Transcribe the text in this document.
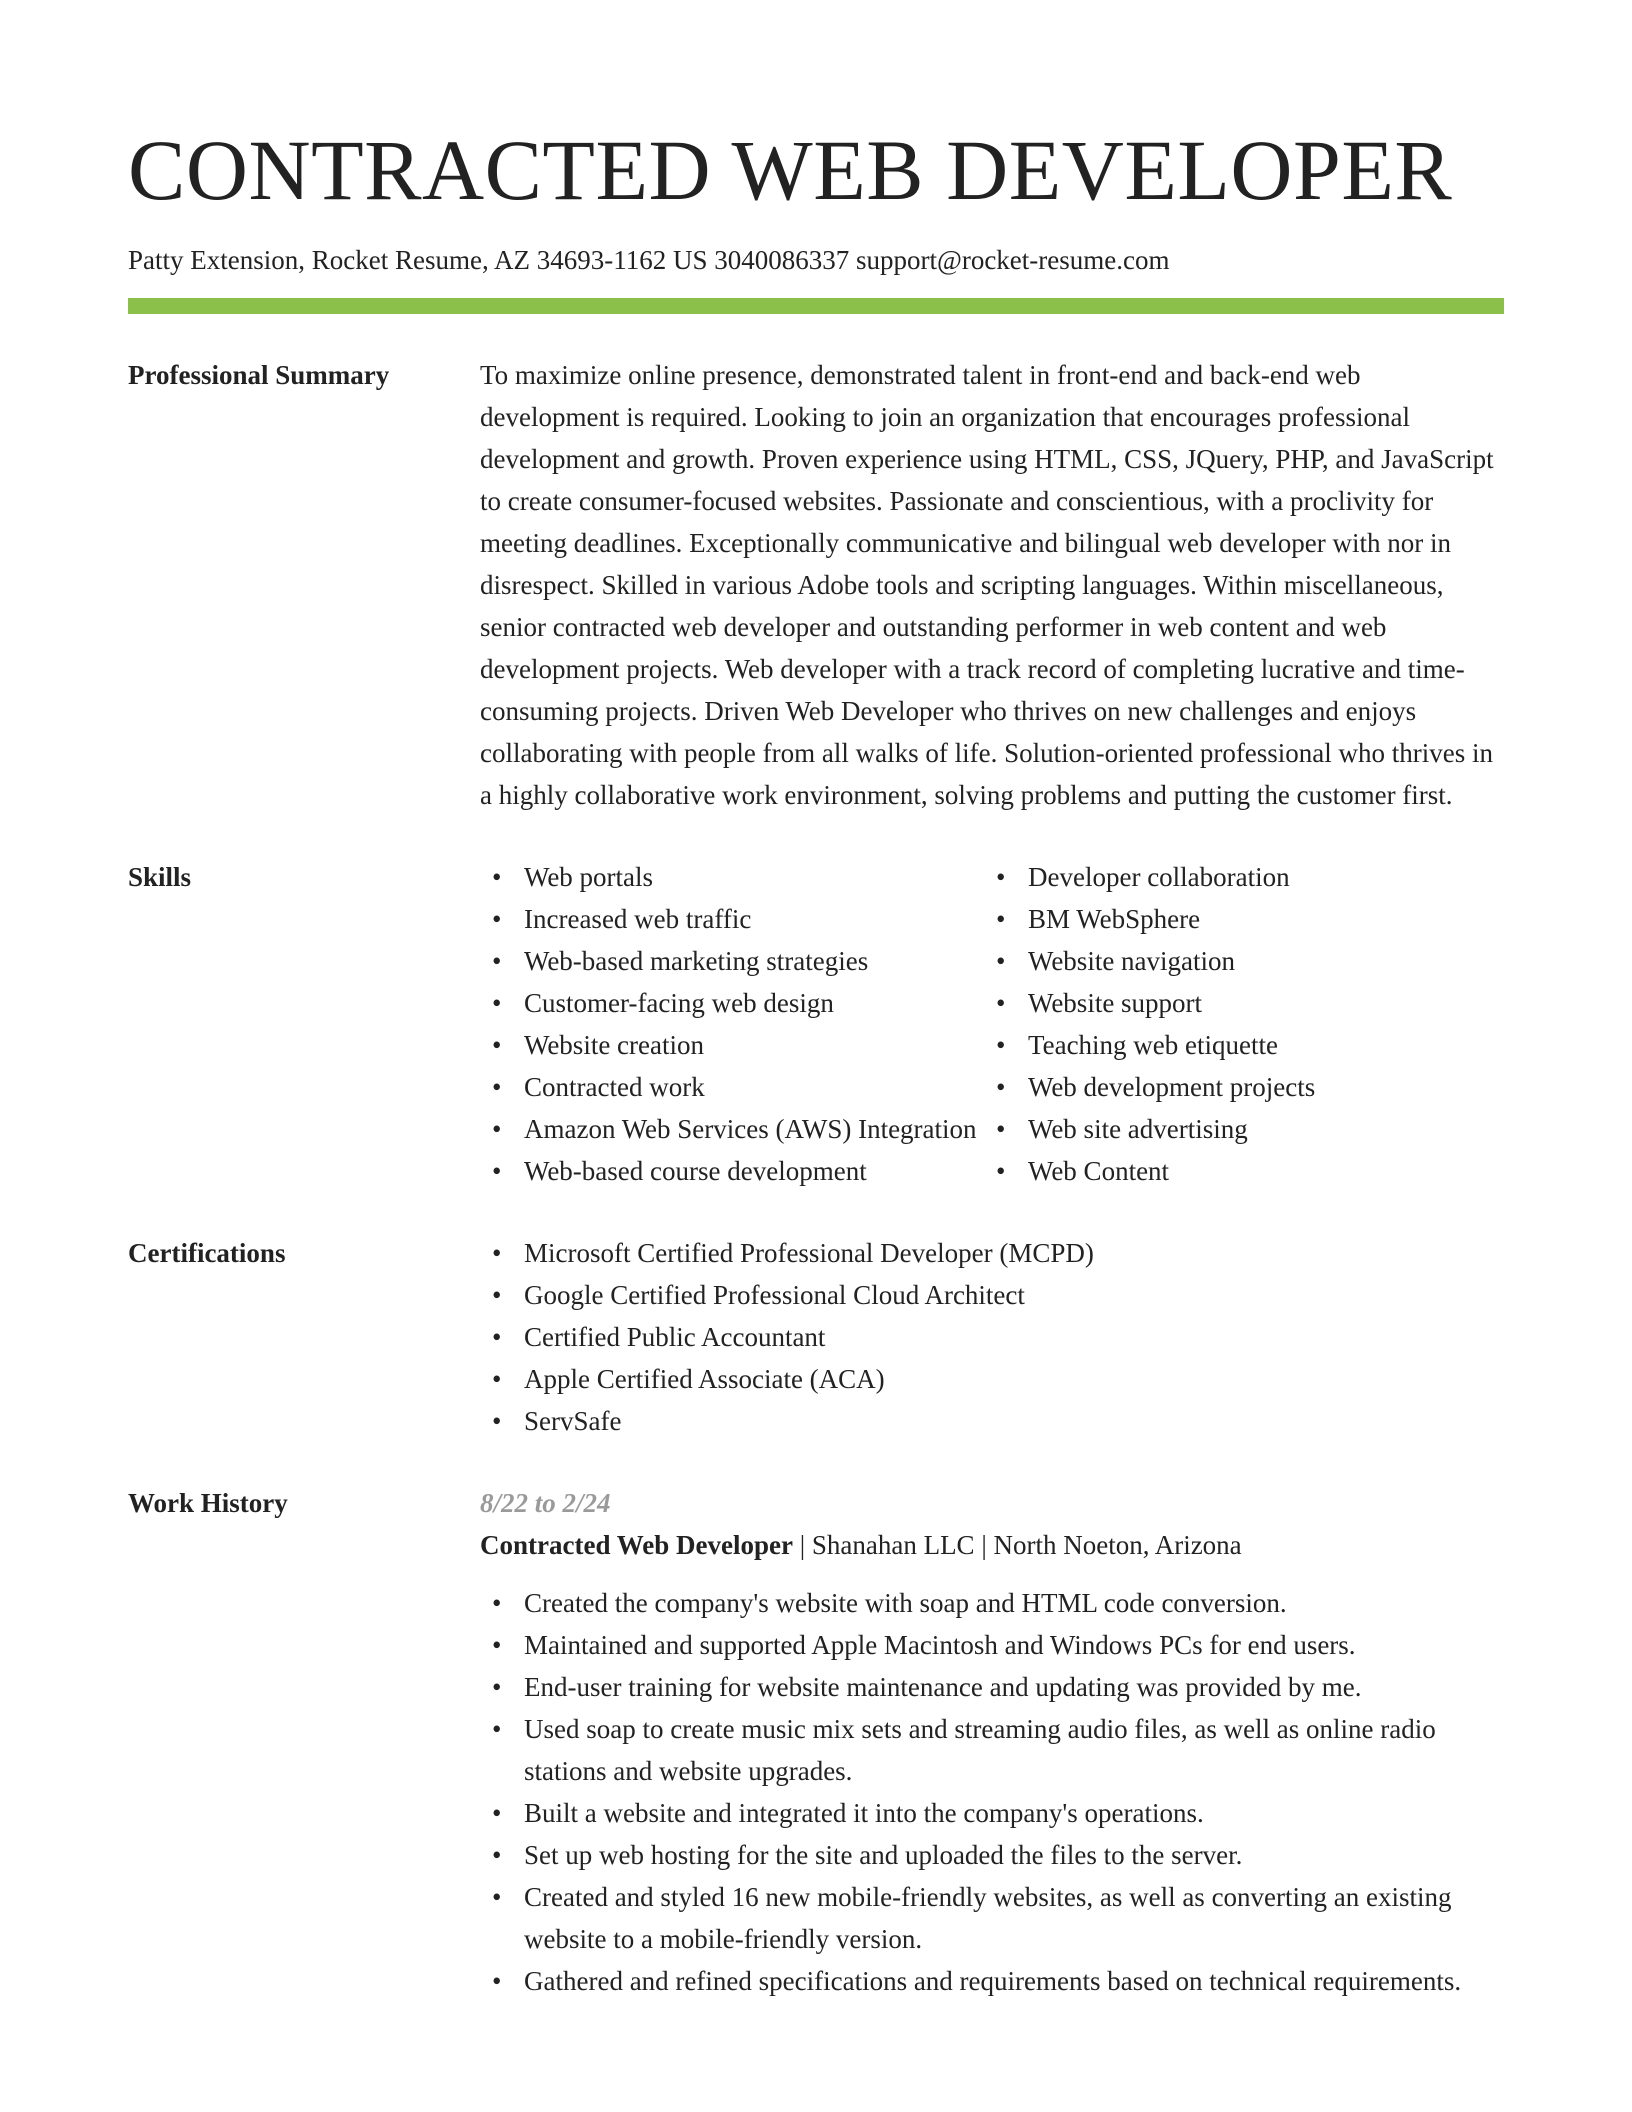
CONTRACTED WEB DEVELOPER
Patty Extension, Rocket Resume, AZ 34693-1162 US 3040086337 support@rocket-resume.com
Professional Summary	To maximize online presence, demonstrated talent in front-end and back-end web development is required. Looking to join an organization that encourages professional development and growth. Proven experience using HTML, CSS, JQuery, PHP, and JavaScript to create consumer-focused websites. Passionate and conscientious, with a proclivity for meeting deadlines. Exceptionally communicative and bilingual web developer with nor in disrespect. Skilled in various Adobe tools and scripting languages. Within miscellaneous, senior contracted web developer and outstanding performer in web content and web development projects. Web developer with a track record of completing lucrative and time-consuming projects. Driven Web Developer who thrives on new challenges and enjoys collaborating with people from all walks of life. Solution-oriented professional who thrives in a highly collaborative work environment, solving problems and putting the customer first.
Skills	• Web portals
• Increased web traffic
• Web-based marketing strategies
• Customer-facing web design
• Website creation
• Contracted work
• Amazon Web Services (AWS) Integration
• Web-based course development
• Developer collaboration
• BM WebSphere
• Website navigation
• Website support
• Teaching web etiquette
• Web development projects
• Web site advertising
• Web Content
Certifications	• Microsoft Certified Professional Developer (MCPD)
• Google Certified Professional Cloud Architect
• Certified Public Accountant
• Apple Certified Associate (ACA)
• ServSafe
Work History	8/22 to 2/24
Contracted Web Developer | Shanahan LLC | North Noeton, Arizona
• Created the company's website with soap and HTML code conversion.
• Maintained and supported Apple Macintosh and Windows PCs for end users.
• End-user training for website maintenance and updating was provided by me.
• Used soap to create music mix sets and streaming audio files, as well as online radio stations and website upgrades.
• Built a website and integrated it into the company's operations.
• Set up web hosting for the site and uploaded the files to the server.
• Created and styled 16 new mobile-friendly websites, as well as converting an existing website to a mobile-friendly version.
• Gathered and refined specifications and requirements based on technical requirements.
